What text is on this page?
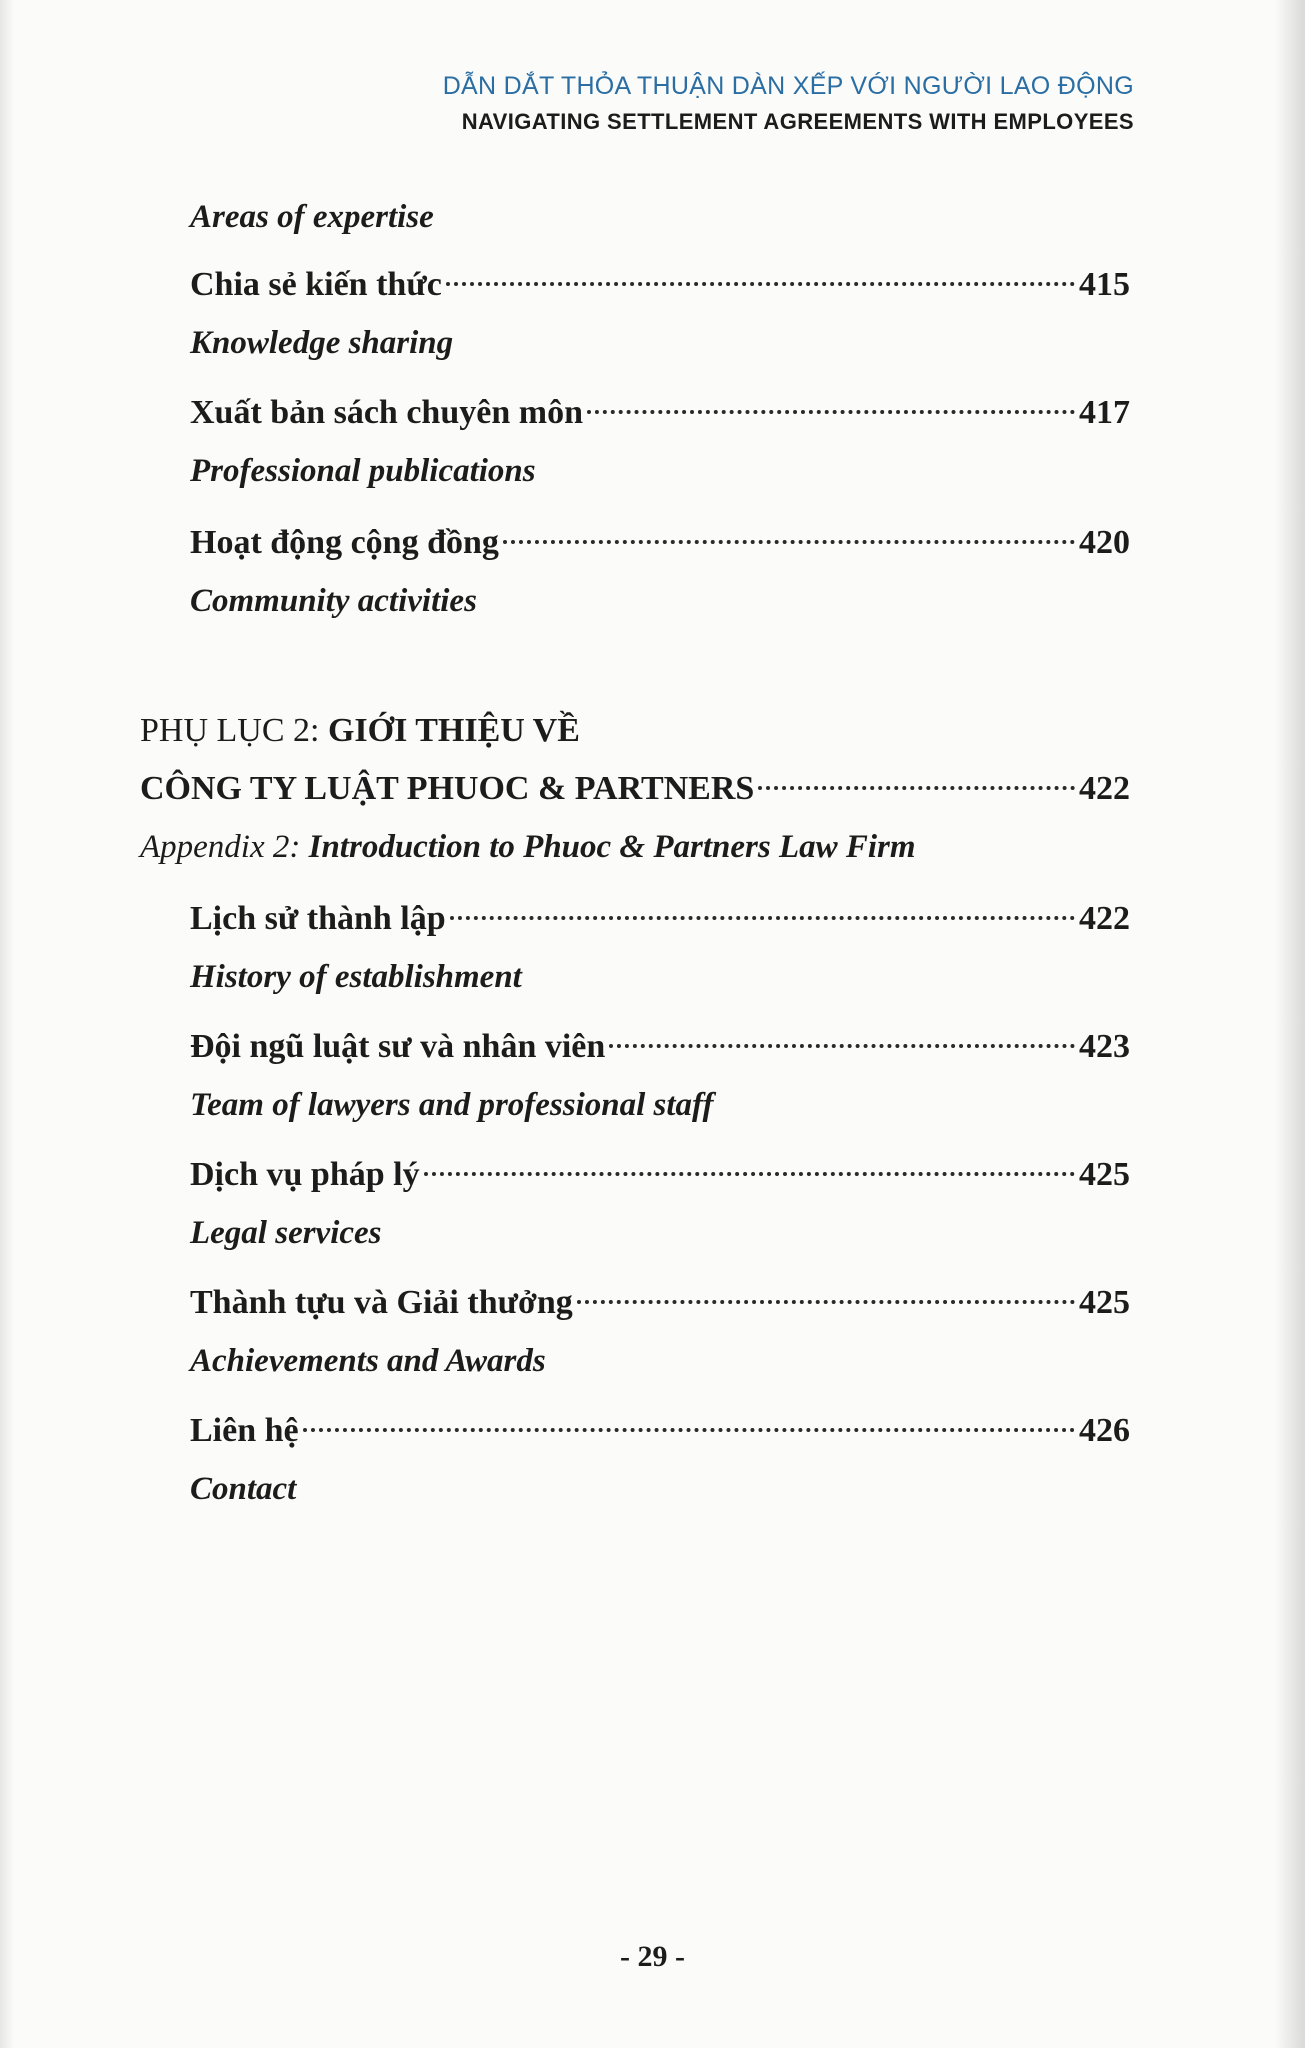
DẪN DẮT THỎA THUẬN DÀN XẾP VỚI NGƯỜI LAO ĐỘNG
NAVIGATING SETTLEMENT AGREEMENTS WITH EMPLOYEES
Areas of expertise
Chia sẻ kiến thức	415
Knowledge sharing
Xuất bản sách chuyên môn	417
Professional publications
Hoạt động cộng đồng	420
Community activities
PHỤ LỤC 2: GIỚI THIỆU VỀ
CÔNG TY LUẬT PHUOC & PARTNERS	422
Appendix 2: Introduction to Phuoc & Partners Law Firm
Lịch sử thành lập	422
History of establishment
Đội ngũ luật sư và nhân viên	423
Team of lawyers and professional staff
Dịch vụ pháp lý	425
Legal services
Thành tựu và Giải thưởng	425
Achievements and Awards
Liên hệ	426
Contact
- 29 -
